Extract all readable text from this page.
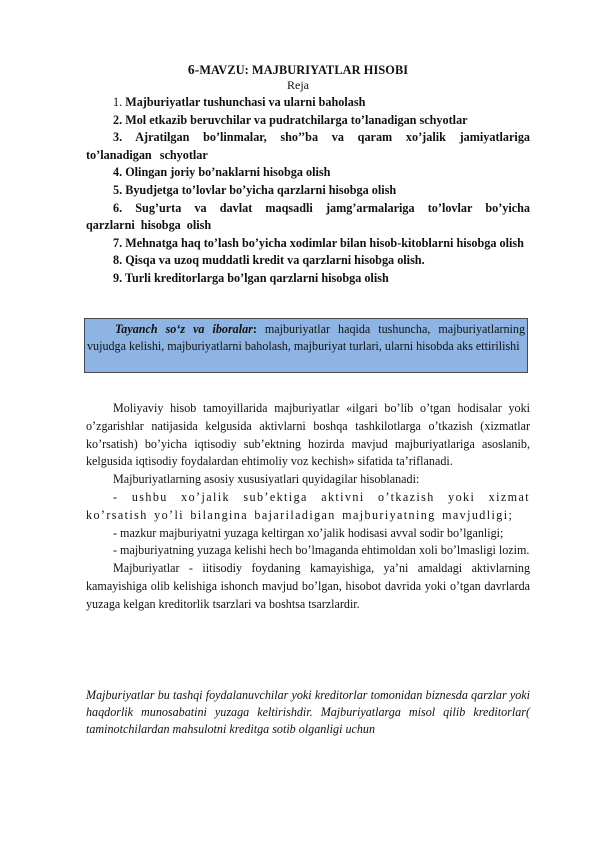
6-MAVZU: MAJBURIYATLAR HISOBI
Reja

1. Majburiyatlar tushunchasi va ularni baholash

2. Mol etkazib beruvchilar va pudratchilarga to’lanadigan schyotlar

3. Ajratilgan bo’linmalar, sho’’ba va qaram xo’jalik jamiyatlariga to’lanadigan schyotlar

4. Olingan joriy bo’naklarni hisobga olish

5. Byudjetga to’lovlar bo’yicha qarzlarni hisobga olish

6. Sug’urta va davlat maqsadli jamg’armalariga to’lovlar bo’yicha qarzlarni hisobga olish

7. Mehnatga haq to’lash bo’yicha xodimlar bilan hisob-kitoblarni hisobga olish

8. Qisqa va uzoq muddatli kredit va qarzlarni hisobga olish.

9. Turli kreditorlarga bo’lgan qarzlarni hisobga olish

Tayanch so‘z va iboralar: majburiyatlar haqida tushuncha, majburiyatlarning vujudga kelishi, majburiyatlarni baholash, majburiyat turlari, ularni hisobda aks ettirilishi

Moliyaviy hisob tamoyillarida majburiyatlar «ilgari bo’lib o’tgan hodisalar yoki o’zgarishlar natijasida kelgusida aktivlarni boshqa tashkilotlarga o’tkazish (xizmatlar ko’rsatish) bo’yicha iqtisodiy sub’ektning hozirda mavjud majburiyatlariga asoslanib, kelgusida iqtisodiy foydalardan ehtimoliy voz kechish» sifatida ta’riflanadi.

Majburiyatlarning asosiy xususiyatlari quyidagilar hisoblanadi:

- ushbu xo’jalik sub’ektiga aktivni o’tkazish yoki xizmat ko’rsatish yo’li bilangina bajariladigan majburiyatning mavjudligi;

- mazkur majburiyatni yuzaga keltirgan xo’jalik hodisasi avval sodir bo’lganligi;

- majburiyatning yuzaga kelishi hech bo’lmaganda ehtimoldan xoli bo’lmasligi lozim.

Majburiyatlar - iitisodiy foydaning kamayishiga, ya’ni amaldagi aktivlarning kamayishiga olib kelishiga ishonch mavjud bo’lgan, hisobot davrida yoki o’tgan davrlarda yuzaga kelgan kreditorlik tsarzlari va boshtsa tsarzlardir.

Majburiyatlar bu tashqi foydalanuvchilar yoki kreditorlar tomonidan biznesda qarzlar yoki haqdorlik munosabatini yuzaga keltirishdir. Majburiyatlarga misol qilib kreditorlar( taminotchilardan mahsulotni kreditga sotib olganligi uchun
